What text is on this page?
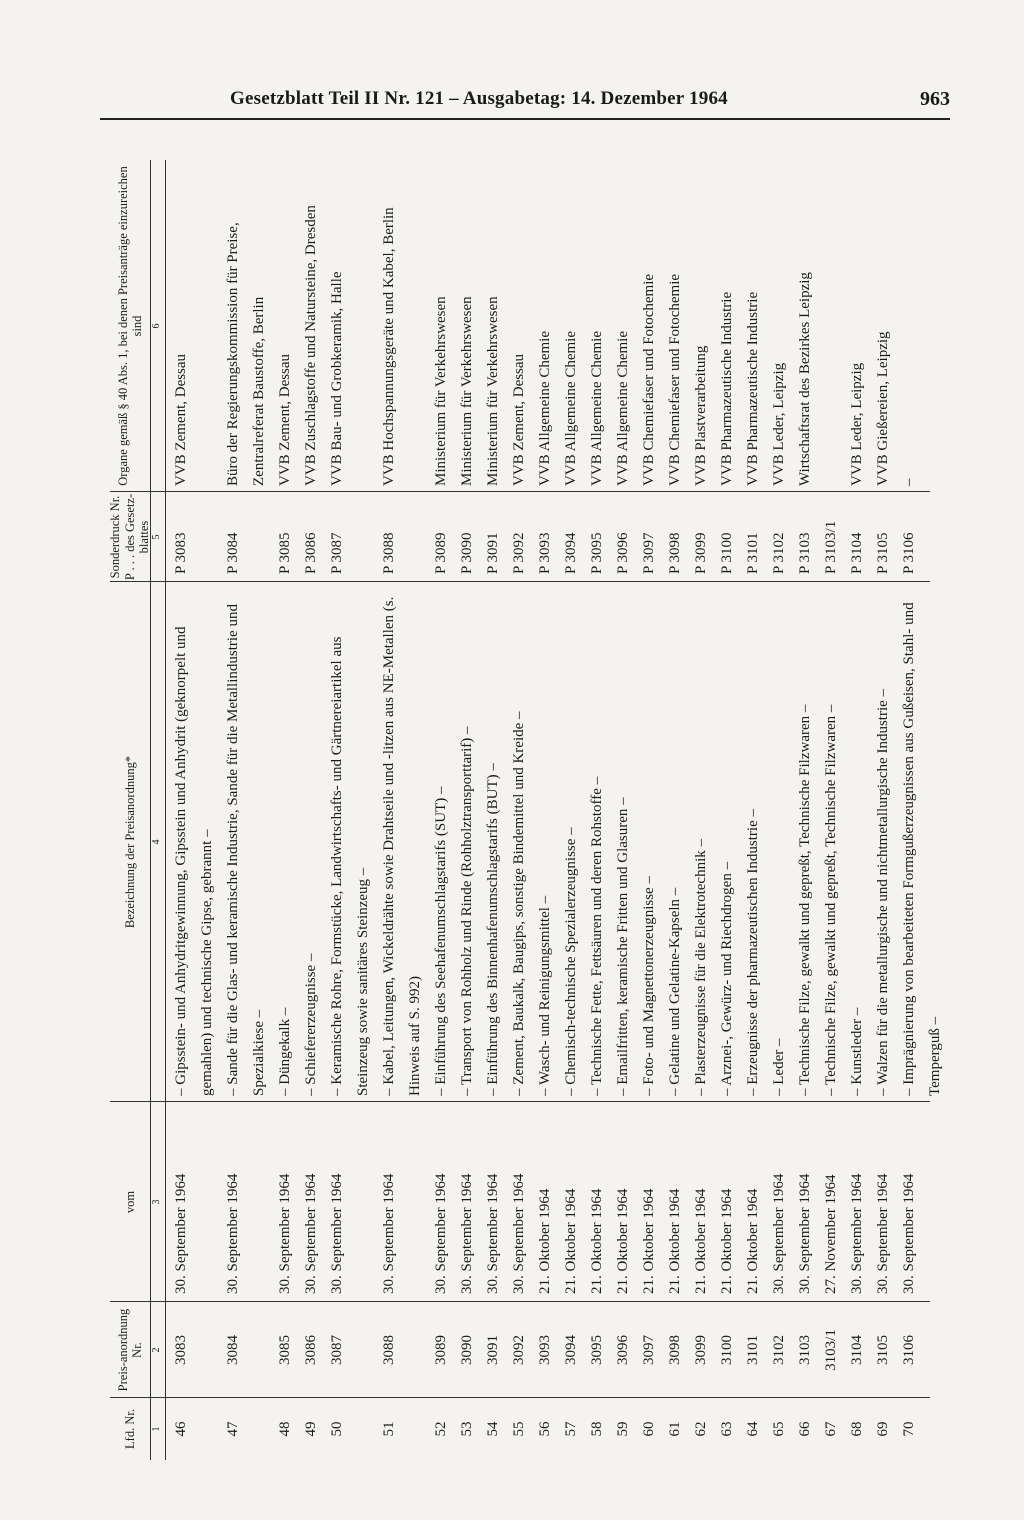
Gesetzblatt Teil II Nr. 121 – Ausgabetag: 14. Dezember 1964	963
Lfd. Nr.
Preis-anordnung Nr.
vom
Bezeichnung der Preisanordnung*
Sonderdruck Nr. P . . . des Gesetz-blattes
Organe gemäß § 40 Abs. 1, bei denen Preisanträge einzureichen sind
1
2
3
4
5
6
46
3083
30. September 1964
– Gipsstein- und Anhydritgewinnung, Gipsstein und Anhydrit (geknorpelt und gemahlen) und technische Gipse, gebrannt –
P 3083
VVB Zement, Dessau
47
3084
30. September 1964
– Sande für die Glas- und keramische Industrie, Sande für die Metallindustrie und Spezialkiese –
P 3084
Büro der Regierungskommission für Preise, Zentralreferat Baustoffe, Berlin
48
3085
30. September 1964
– Düngekalk –
P 3085
VVB Zement, Dessau
49
3086
30. September 1964
– Schiefererzeugnisse –
P 3086
VVB Zuschlagstoffe und Natursteine, Dresden
50
3087
30. September 1964
– Keramische Rohre, Formstücke, Landwirtschafts- und Gärtnereiartikel aus Steinzeug sowie sanitäres Steinzeug –
P 3087
VVB Bau- und Grobkeramik, Halle
51
3088
30. September 1964
– Kabel, Leitungen, Wickeldrähte sowie Drahtseile und -litzen aus NE-Metallen (s. Hinweis auf S. 992)
P 3088
VVB Hochspannungsgeräte und Kabel, Berlin
52
3089
30. September 1964
– Einführung des Seehafenumschlagstarifs (SUT) –
P 3089
Ministerium für Verkehrswesen
53
3090
30. September 1964
– Transport von Rohholz und Rinde (Rohholztransporttarif) –
P 3090
Ministerium für Verkehrswesen
54
3091
30. September 1964
– Einführung des Binnenhafenumschlagstarifs (BUT) –
P 3091
Ministerium für Verkehrswesen
55
3092
30. September 1964
– Zement, Baukalk, Baugips, sonstige Bindemittel und Kreide –
P 3092
VVB Zement, Dessau
56
3093
21. Oktober 1964
– Wasch- und Reinigungsmittel –
P 3093
VVB Allgemeine Chemie
57
3094
21. Oktober 1964
– Chemisch-technische Spezialerzeugnisse –
P 3094
VVB Allgemeine Chemie
58
3095
21. Oktober 1964
– Technische Fette, Fettsäuren und deren Rohstoffe –
P 3095
VVB Allgemeine Chemie
59
3096
21. Oktober 1964
– Emailfritten, keramische Fritten und Glasuren –
P 3096
VVB Allgemeine Chemie
60
3097
21. Oktober 1964
– Foto- und Magnettonerzeugnisse –
P 3097
VVB Chemiefaser und Fotochemie
61
3098
21. Oktober 1964
– Gelatine und Gelatine-Kapseln –
P 3098
VVB Chemiefaser und Fotochemie
62
3099
21. Oktober 1964
– Plasterzeugnisse für die Elektrotechnik –
P 3099
VVB Plastverarbeitung
63
3100
21. Oktober 1964
– Arznei-, Gewürz- und Riechdrogen –
P 3100
VVB Pharmazeutische Industrie
64
3101
21. Oktober 1964
– Erzeugnisse der pharmazeutischen Industrie –
P 3101
VVB Pharmazeutische Industrie
65
3102
30. September 1964
– Leder –
P 3102
VVB Leder, Leipzig
66
3103
30. September 1964
– Technische Filze, gewalkt und gepreßt, Technische Filzwaren –
P 3103
Wirtschaftsrat des Bezirkes Leipzig
67
3103/1
27. November 1964
– Technische Filze, gewalkt und gepreßt, Technische Filzwaren –
P 3103/1
68
3104
30. September 1964
– Kunstleder –
P 3104
VVB Leder, Leipzig
69
3105
30. September 1964
– Walzen für die metallurgische und nichtmetallurgische Industrie –
P 3105
VVB Gießereien, Leipzig
70
3106
30. September 1964
– Imprägnierung von bearbeiteten Formgußerzeugnissen aus Gußeisen, Stahl- und Temperguß –
P 3106
–
